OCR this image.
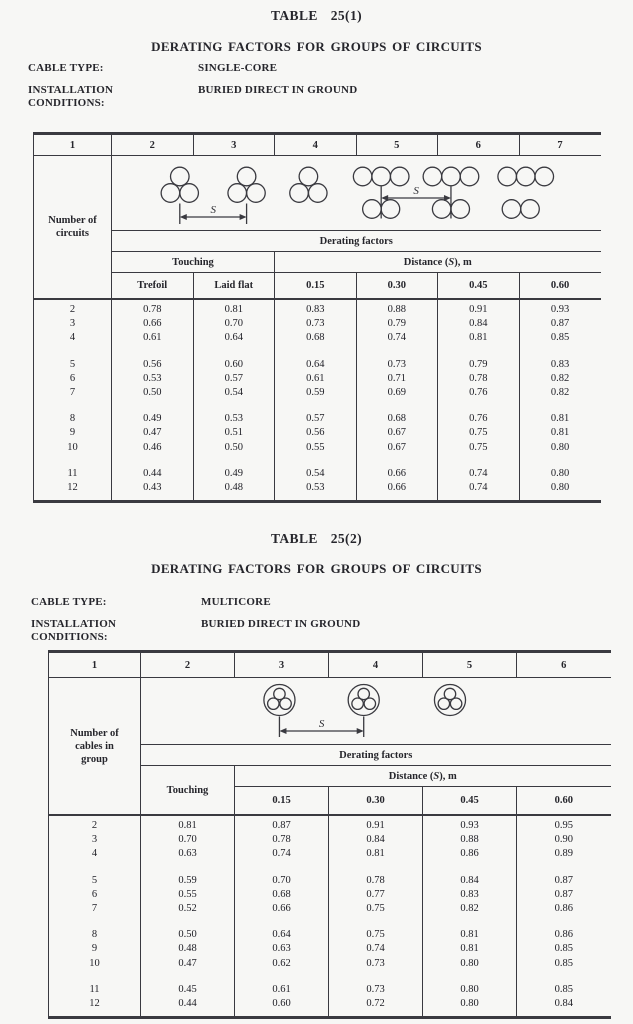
TABLE 25(1)
DERATING FACTORS FOR GROUPS OF CIRCUITS
CABLE TYPE:	SINGLE-CORE
INSTALLATION CONDITIONS:
BURIED DIRECT IN GROUND
1	2	3	4	5	6	7
Number of circuits	S
S					

	Derating factors					
	Touching		Distance (S), m			
			0.15	0.30	0.45	0.60
	Trefoil	Laid flat				
2	0.78	0.81	0.83	0.88	0.91	0.93
3	0.66	0.70	0.73	0.79	0.84	0.87
4	0.61	0.64	0.68	0.74	0.81	0.85
5	0.56	0.60	0.64	0.73	0.79	0.83
6	0.53	0.57	0.61	0.71	0.78	0.82
7	0.50	0.54	0.59	0.69	0.76	0.82
8	0.49	0.53	0.57	0.68	0.76	0.81
9	0.47	0.51	0.56	0.67	0.75	0.81
10	0.46	0.50	0.55	0.67	0.75	0.80
11	0.44	0.49	0.54	0.66	0.74	0.80
12	0.43	0.48	0.53	0.66	0.74	0.80
TABLE 25(2)
DERATING FACTORS FOR GROUPS OF CIRCUITS
CABLE TYPE:	MULTICORE
INSTALLATION CONDITIONS:
BURIED DIRECT IN GROUND
1	2	3	4	5	6
Number of cables in group	S				

	Derating factors				
	Touching	Distance (S), m			
		0.15	0.30	0.45	0.60
2	0.81	0.87	0.91	0.93	0.95
3	0.70	0.78	0.84	0.88	0.90
4	0.63	0.74	0.81	0.86	0.89
5	0.59	0.70	0.78	0.84	0.87
6	0.55	0.68	0.77	0.83	0.87
7	0.52	0.66	0.75	0.82	0.86
8	0.50	0.64	0.75	0.81	0.86
9	0.48	0.63	0.74	0.81	0.85
10	0.47	0.62	0.73	0.80	0.85
11	0.45	0.61	0.73	0.80	0.85
12	0.44	0.60	0.72	0.80	0.84
